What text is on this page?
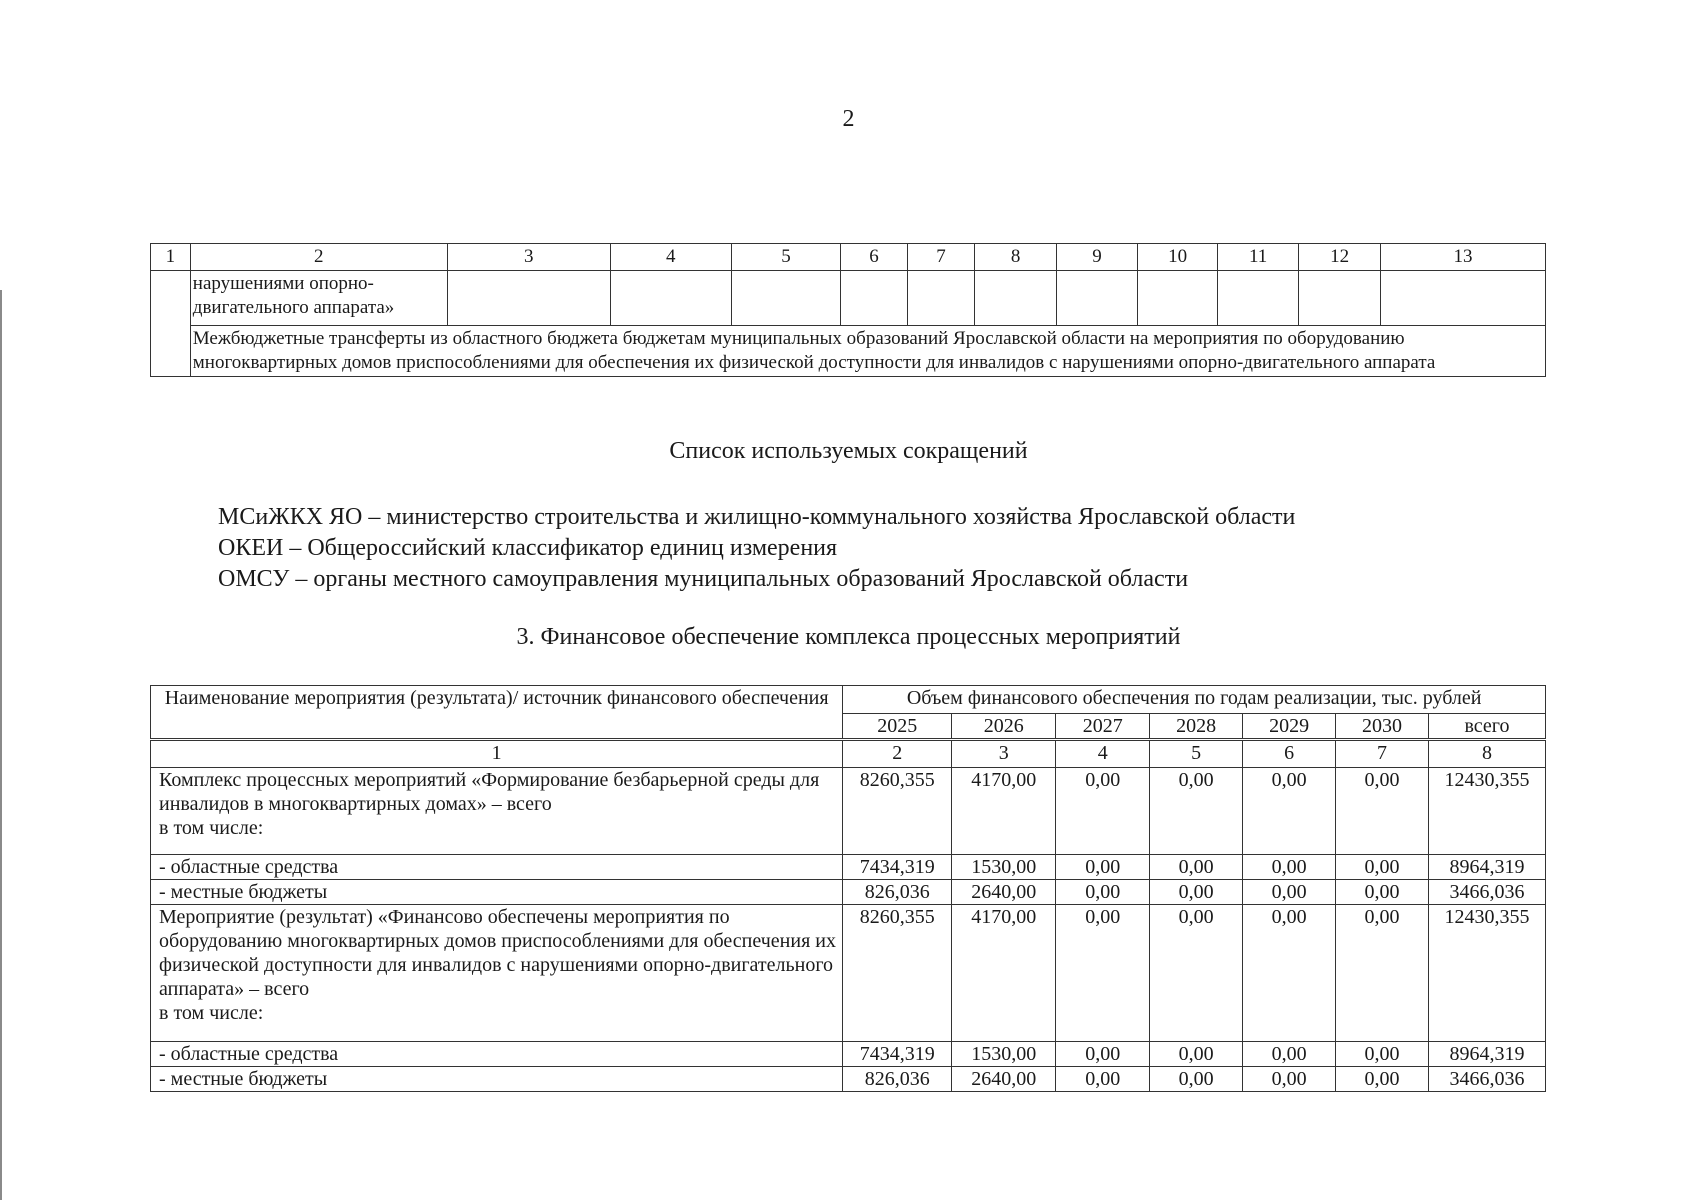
2
1	2	3	4	5	6	7	8	9	10	11	12	13
	нарушениями опорно-двигательного аппарата»											
	Межбюджетные трансферты из областного бюджета бюджетам муниципальных образований Ярославской области на мероприятия по оборудованию многоквартирных домов приспособлениями для обеспечения их физической доступности для инвалидов с нарушениями опорно-двигательного аппарата											
Список используемых сокращений
МСиЖКХ ЯО – министерство строительства и жилищно-коммунального хозяйства Ярославской области
ОКЕИ – Общероссийский классификатор единиц измерения
ОМСУ – органы местного самоуправления муниципальных образований Ярославской области
3. Финансовое обеспечение комплекса процессных мероприятий
Наименование мероприятия (результата)/ источник финансового обеспечения	Объем финансового обеспечения по годам реализации, тыс. рублей						
	2025	2026	2027	2028	2029	2030	всего
1	2	3	4	5	6	7	8
Комплекс процессных мероприятий «Формирование безбарьерной среды для инвалидов в многоквартирных домах» – всего
в том числе:	8260,355	4170,00	0,00	0,00	0,00	0,00	12430,355
- областные средства	7434,319	1530,00	0,00	0,00	0,00	0,00	8964,319
- местные бюджеты	826,036	2640,00	0,00	0,00	0,00	0,00	3466,036
Мероприятие (результат) «Финансово обеспечены мероприятия по оборудованию многоквартирных домов приспособлениями для обеспечения их физической доступности для инвалидов с нарушениями опорно-двигательного аппарата» – всего
в том числе:	8260,355	4170,00	0,00	0,00	0,00	0,00	12430,355
- областные средства	7434,319	1530,00	0,00	0,00	0,00	0,00	8964,319
- местные бюджеты	826,036	2640,00	0,00	0,00	0,00	0,00	3466,036
